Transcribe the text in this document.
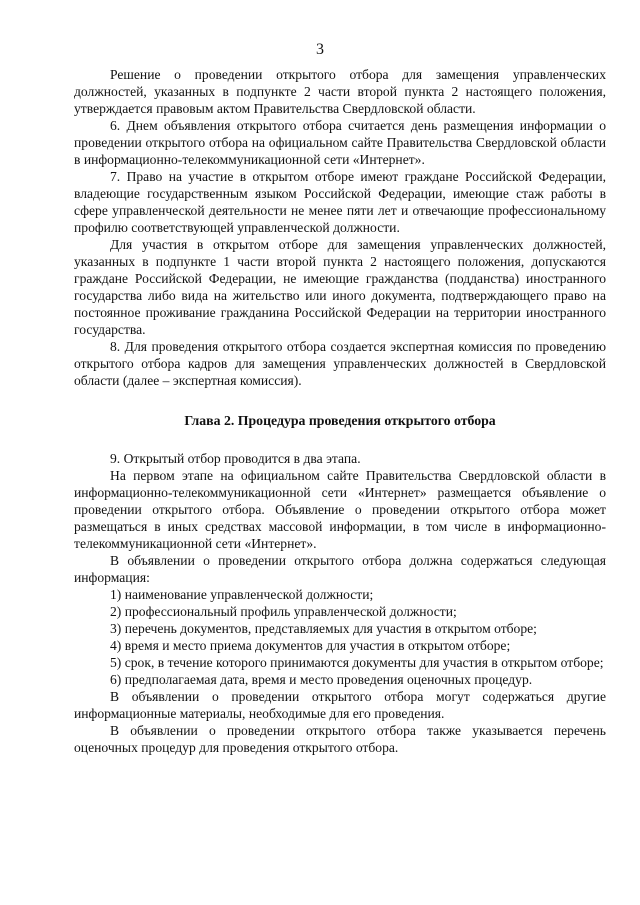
3

Решение о проведении открытого отбора для замещения управленческих должностей, указанных в подпункте 2 части второй пункта 2 настоящего положения, утверждается правовым актом Правительства Свердловской области.

6. Днем объявления открытого отбора считается день размещения информации о проведении открытого отбора на официальном сайте Правительства Свердловской области в информационно-телекоммуникационной сети «Интернет».

7. Право на участие в открытом отборе имеют граждане Российской Федерации, владеющие государственным языком Российской Федерации, имеющие стаж работы в сфере управленческой деятельности не менее пяти лет и отвечающие профессиональному профилю соответствующей управленческой должности.

Для участия в открытом отборе для замещения управленческих должностей, указанных в подпункте 1 части второй пункта 2 настоящего положения, допускаются граждане Российской Федерации, не имеющие гражданства (подданства) иностранного государства либо вида на жительство или иного документа, подтверждающего право на постоянное проживание гражданина Российской Федерации на территории иностранного государства.

8. Для проведения открытого отбора создается экспертная комиссия по проведению открытого отбора кадров для замещения управленческих должностей в Свердловской области (далее – экспертная комиссия).

Глава 2. Процедура проведения открытого отбора

9. Открытый отбор проводится в два этапа.

На первом этапе на официальном сайте Правительства Свердловской области в информационно-телекоммуникационной сети «Интернет» размещается объявление о проведении открытого отбора. Объявление о проведении открытого отбора может размещаться в иных средствах массовой информации, в том числе в информационно-телекоммуникационной сети «Интернет».

В объявлении о проведении открытого отбора должна содержаться следующая информация:

1) наименование управленческой должности;

2) профессиональный профиль управленческой должности;

3) перечень документов, представляемых для участия в открытом отборе;

4) время и место приема документов для участия в открытом отборе;

5) срок, в течение которого принимаются документы для участия в открытом отборе;

6) предполагаемая дата, время и место проведения оценочных процедур.

В объявлении о проведении открытого отбора могут содержаться другие информационные материалы, необходимые для его проведения.

В объявлении о проведении открытого отбора также указывается перечень оценочных процедур для проведения открытого отбора.
